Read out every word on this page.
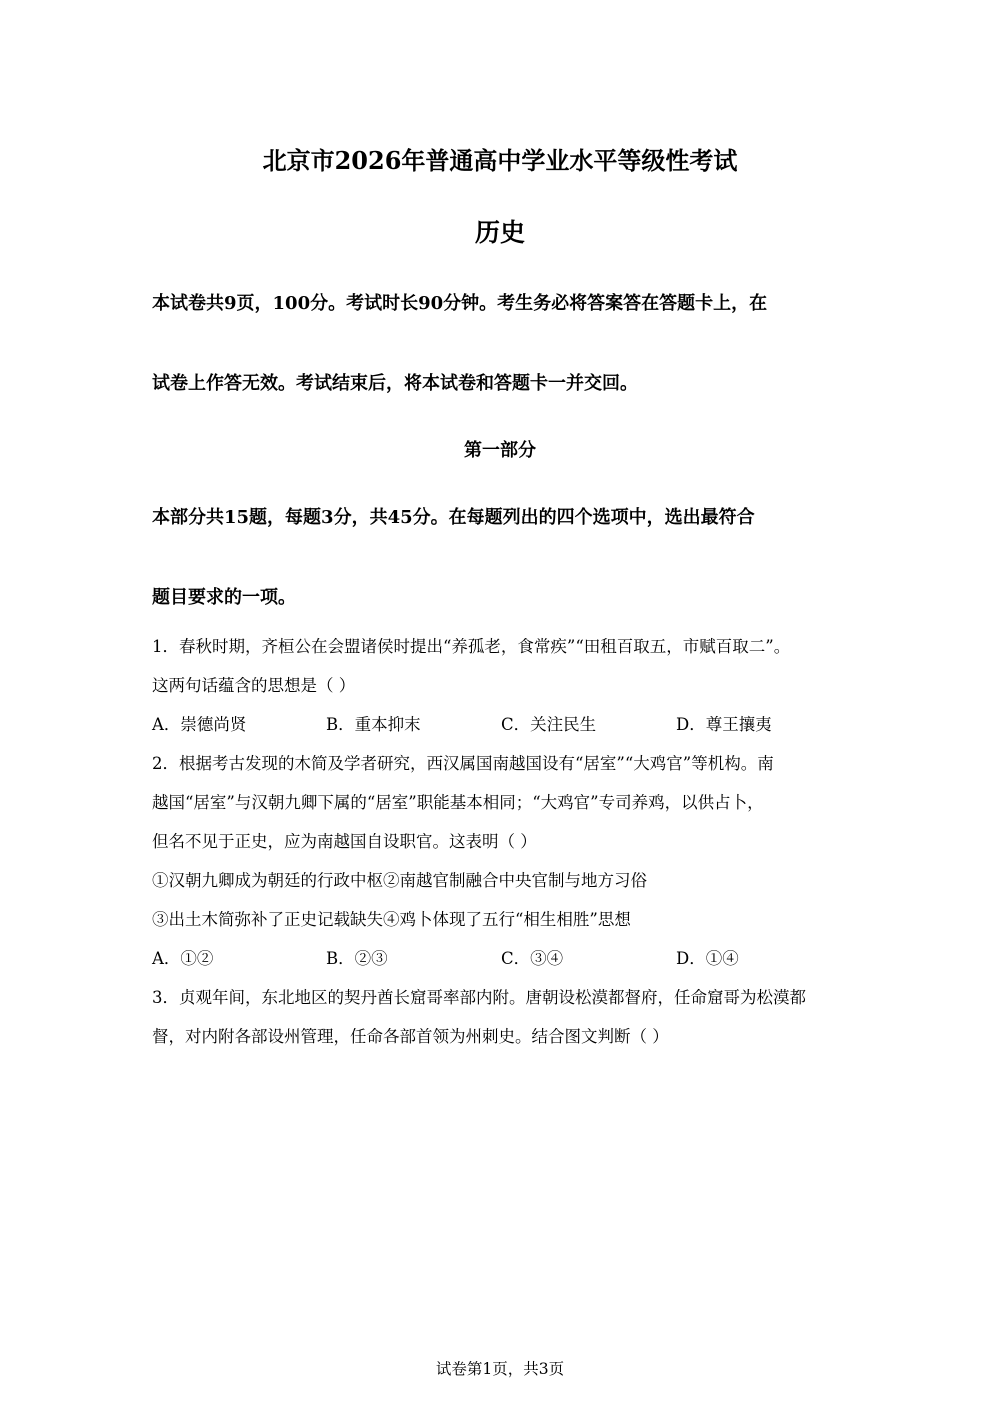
北京市2026年普通高中学业水平等级性考试
历史
本试卷共9页，100分。考试时长90分钟。考生务必将答案答在答题卡上，在
试卷上作答无效。考试结束后，将本试卷和答题卡一并交回。
第一部分
本部分共15题，每题3分，共45分。在每题列出的四个选项中，选出最符合
题目要求的一项。
1．春秋时期，齐桓公在会盟诸侯时提出“养孤老，食常疾”“田租百取五，市赋百取二”。
这两句话蕴含的思想是（ ）
A．崇德尚贤	B．重本抑末	C．关注民生	D．尊王攘夷
2．根据考古发现的木简及学者研究，西汉属国南越国设有“居室”“大鸡官”等机构。南
越国“居室”与汉朝九卿下属的“居室”职能基本相同；“大鸡官”专司养鸡，以供占卜，
但名不见于正史，应为南越国自设职官。这表明（ ）
①汉朝九卿成为朝廷的行政中枢②南越官制融合中央官制与地方习俗
③出土木简弥补了正史记载缺失④鸡卜体现了五行“相生相胜”思想
A．①②	B．②③	C．③④	D．①④
3．贞观年间，东北地区的契丹酋长窟哥率部内附。唐朝设松漠都督府，任命窟哥为松漠都
督，对内附各部设州管理，任命各部首领为州刺史。结合图文判断（ ）
试卷第1页，共3页
